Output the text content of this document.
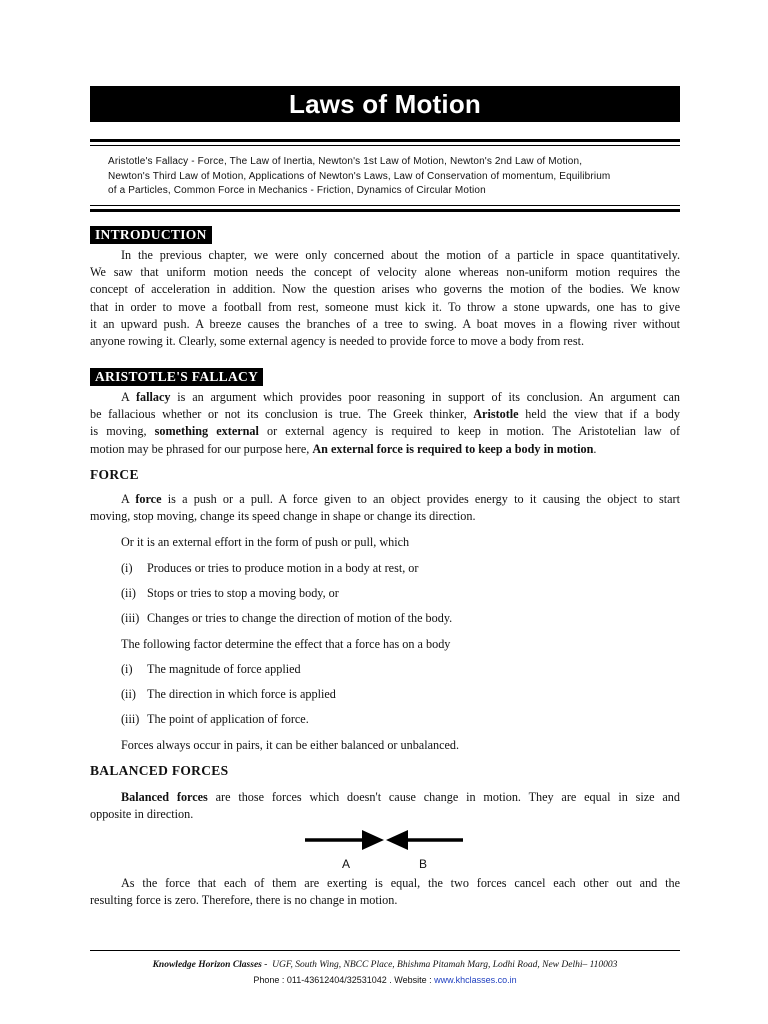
Laws of Motion
Aristotle's Fallacy - Force, The Law of Inertia, Newton's 1st Law of Motion, Newton's 2nd Law of Motion,
Newton's Third Law of Motion, Applications of Newton's Laws, Law of Conservation of momentum, Equilibrium
of a Particles, Common Force in Mechanics - Friction, Dynamics of Circular Motion
INTRODUCTION
In the previous chapter, we were only concerned about the motion of a particle in space quantitatively.
We saw that uniform motion needs the concept of velocity alone whereas non-uniform motion requires the
concept of acceleration in addition. Now the question arises who governs the motion of the bodies. We know
that in order to move a football from rest, someone must kick it. To throw a stone upwards, one has to give
it an upward push. A breeze causes the branches of a tree to swing. A boat moves in a flowing river without
anyone rowing it. Clearly, some external agency is needed to provide force to move a body from rest.
ARISTOTLE'S FALLACY
A fallacy is an argument which provides poor reasoning in support of its conclusion. An argument can
be fallacious whether or not its conclusion is true. The Greek thinker, Aristotle held the view that if a body
is moving, something external or external agency is required to keep in motion. The Aristotelian law of
motion may be phrased for our purpose here, An external force is required to keep a body in motion.
FORCE
A force is a push or a pull. A force given to an object provides energy to it causing the object to start
moving, stop moving, change its speed change in shape or change its direction.
Or it is an external effort in the form of push or pull, which
(i) Produces or tries to produce motion in a body at rest, or
(ii) Stops or tries to stop a moving body, or
(iii) Changes or tries to change the direction of motion of the body.
The following factor determine the effect that a force has on a body
(i) The magnitude of force applied
(ii) The direction in which force is applied
(iii) The point of application of force.
Forces always occur in pairs, it can be either balanced or unbalanced.
BALANCED FORCES
Balanced forces are those forces which doesn't cause change in motion. They are equal in size and
opposite in direction.
A	B
As the force that each of them are exerting is equal, the two forces cancel each other out and the
resulting force is zero. Therefore, there is no change in motion.
Knowledge Horizon Classes - UGF, South Wing, NBCC Place, Bhishma Pitamah Marg, Lodhi Road, New Delhi– 110003
Phone : 011-43612404/32531042 . Website : www.khclasses.co.in
